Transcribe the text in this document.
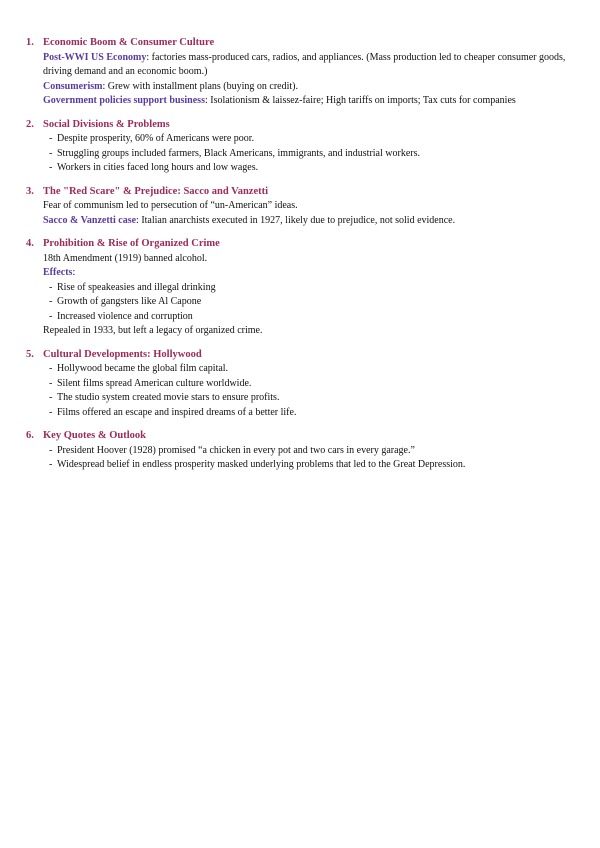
1. Economic Boom & Consumer Culture
Post-WWI US Economy: factories mass-produced cars, radios, and appliances. (Mass production led to cheaper consumer goods, driving demand and an economic boom.)
Consumerism: Grew with installment plans (buying on credit).
Government policies support business: Isolationism & laissez-faire; High tariffs on imports; Tax cuts for companies
2. Social Divisions & Problems
- Despite prosperity, 60% of Americans were poor.
- Struggling groups included farmers, Black Americans, immigrants, and industrial workers.
- Workers in cities faced long hours and low wages.
3. The "Red Scare" & Prejudice: Sacco and Vanzetti
Fear of communism led to persecution of “un-American” ideas.
Sacco & Vanzetti case: Italian anarchists executed in 1927, likely due to prejudice, not solid evidence.
4. Prohibition & Rise of Organized Crime
18th Amendment (1919) banned alcohol.
Effects:
- Rise of speakeasies and illegal drinking
- Growth of gangsters like Al Capone
- Increased violence and corruption
Repealed in 1933, but left a legacy of organized crime.
5. Cultural Developments: Hollywood
- Hollywood became the global film capital.
- Silent films spread American culture worldwide.
- The studio system created movie stars to ensure profits.
- Films offered an escape and inspired dreams of a better life.
6. Key Quotes & Outlook
- President Hoover (1928) promised “a chicken in every pot and two cars in every garage.”
- Widespread belief in endless prosperity masked underlying problems that led to the Great Depression.
